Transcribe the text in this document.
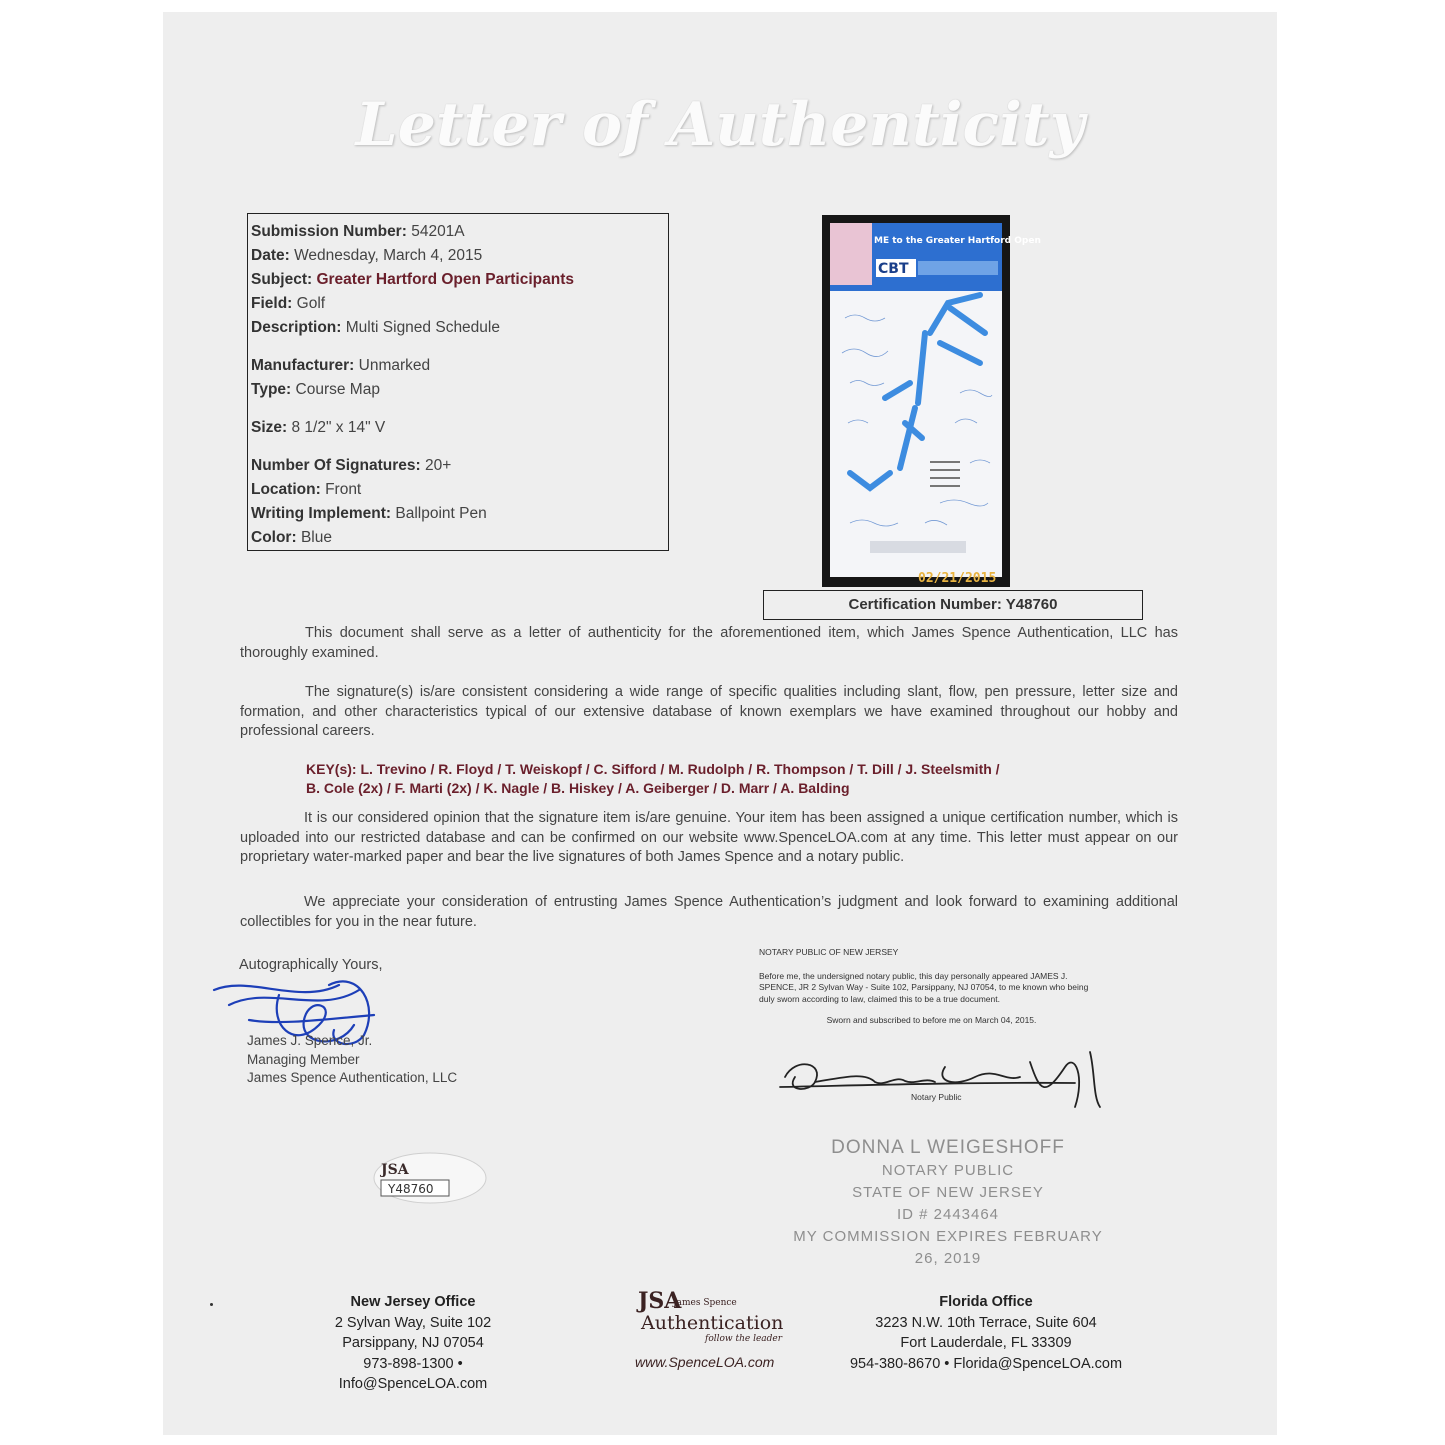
Letter of Authenticity
Submission Number: 54201A
Date: Wednesday, March 4, 2015
Subject: Greater Hartford Open Participants
Field: Golf
Description: Multi Signed Schedule
Manufacturer: Unmarked
Type: Course Map
Size: 8 1/2" x 14" V
Number Of Signatures: 20+
Location: Front
Writing Implement: Ballpoint Pen
Color: Blue
CBT
ME to the Greater Hartford Open
02/21/2015
Certification Number: Y48760
This document shall serve as a letter of authenticity for the aforementioned item, which James Spence Authentication, LLC has thoroughly examined.
The signature(s) is/are consistent considering a wide range of specific qualities including slant, flow, pen pressure, letter size and formation, and other characteristics typical of our extensive database of known exemplars we have examined throughout our hobby and professional careers.
KEY(s): L. Trevino / R. Floyd / T. Weiskopf / C. Sifford / M. Rudolph / R. Thompson / T. Dill / J. Steelsmith /
B. Cole (2x) / F. Marti (2x) / K. Nagle / B. Hiskey / A. Geiberger / D. Marr / A. Balding
It is our considered opinion that the signature item is/are genuine. Your item has been assigned a unique certification number, which is uploaded into our restricted database and can be confirmed on our website www.SpenceLOA.com at any time. This letter must appear on our proprietary water-marked paper and bear the live signatures of both James Spence and a notary public.
We appreciate your consideration of entrusting James Spence Authentication’s judgment and look forward to examining additional collectibles for you in the near future.
Autographically Yours,
James J. Spence, Jr.
Managing Member
James Spence Authentication, LLC
NOTARY PUBLIC OF NEW JERSEY
Before me, the undersigned notary public, this day personally appeared JAMES J. SPENCE, JR 2 Sylvan Way - Suite 102, Parsippany, NJ 07054, to me known who being duly sworn according to law, claimed this to be a true document.
Sworn and subscribed to before me on March 04, 2015.
Notary Public
DONNA L WEIGESHOFF
NOTARY PUBLIC
STATE OF NEW JERSEY
ID # 2443464
MY COMMISSION EXPIRES FEBRUARY 26, 2019
JSA
Y48760
New Jersey Office
2 Sylvan Way, Suite 102
Parsippany, NJ 07054
973-898-1300 • Info@SpenceLOA.com
JSA
James Spence
Authentication
follow the leader
www.SpenceLOA.com
Florida Office
3223 N.W. 10th Terrace, Suite 604
Fort Lauderdale, FL 33309
954-380-8670 • Florida@SpenceLOA.com
